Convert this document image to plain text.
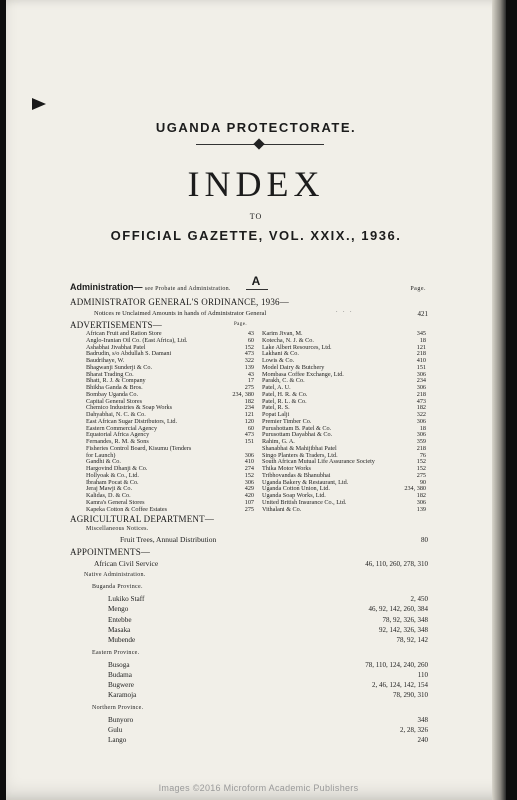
UGANDA PROTECTORATE.
INDEX
TO
OFFICIAL GAZETTE, VOL. XXIX., 1936.
A
Administration— see Probate and Administration.	Page.
ADMINISTRATOR GENERAL'S ORDINANCE, 1936—
Notices re Unclaimed Amounts in hands of Administrator General	. . .	421
ADVERTISEMENTS—	Page.
African Fruit and Ration Store	43
Anglo-Iranian Oil Co. (East Africa), Ltd.	60
Ashabhai Jivabhai Patel	152
Badrudin, s/o Abdullah S. Damani	473
Baudrihaye, W.	322
Bhagwanji Sunderji & Co.	139
Bharat Trading Co.	43
Bhatt, R. J. & Company	17
Bhikha Ganda & Bros.	275
Bombay Uganda Co.	234, 380
Capital General Stores	182
Chemico Industries & Soap Works	234
Dahyabhai, N. C. & Co.	121
East African Sugar Distributors, Ltd.	120
Eastern Commercial Agency	60
Equatorial Africa Agency	473
Fernandes, R. M. & Sons	151
Fisheries Control Board, Kisumu (Tenders
for Launch)	306
Gandhi & Co.	410
Hargovind Dhanji & Co.	274
Hollyoak & Co., Ltd.	152
Ibraham Pocat & Co.	306
Jeraj Mawji & Co.	429
Kalidas, D. & Co.	420
Kamra's General Stores	107
Kapeka Cotton & Coffee Estates	275
Karim Jivan, M.	345
Kotecha, N. J. & Co.	18
Lake Albert Resources, Ltd.	121
Lakhani & Co.	218
Lowis & Co.	410
Model Dairy & Butchery	151
Mombasa Coffee Exchange, Ltd.	306
Parakh, C. & Co.	234
Patel, A. U.	306
Patel, H. R. & Co.	218
Patel, R. L. & Co.	473
Patel, R. S.	182
Popat Lalji	322
Premier Timber Co.	306
Purushottam B. Patel & Co.	18
Purusottam Dayabhai & Co.	306
Rahim, G. A.	359
Shanabhai & Mahijibhai Patel	218
Singo Planters & Traders, Ltd.	76
South African Mutual Life Assurance Society	152
Thika Motor Works	152
Tribhovandas & Bhanubhai	275
Uganda Bakery & Restaurant, Ltd.	90
Uganda Cotton Union, Ltd.	234, 380
Uganda Soap Works, Ltd.	182
United British Insurance Co., Ltd.	306
Vithalani & Co.	139
AGRICULTURAL DEPARTMENT—
Miscellaneous Notices.
Fruit Trees, Annual Distribution	80
APPOINTMENTS—
African Civil Service	46, 110, 260, 278, 310
Native Administration.
Buganda Province.
Lukiko Staff	2, 450
Mengo	46, 92, 142, 260, 384
Entebbe	78, 92, 326, 348
Masaka	92, 142, 326, 348
Mubende	78, 92, 142
Eastern Province.
Busoga	78, 110, 124, 240, 260
Budama	110
Bugwere	2, 46, 124, 142, 154
Karamoja	78, 290, 310
Northern Province.
Bunyoro	348
Gulu	2, 28, 326
Lango	240
Images ©2016 Microform Academic Publishers
